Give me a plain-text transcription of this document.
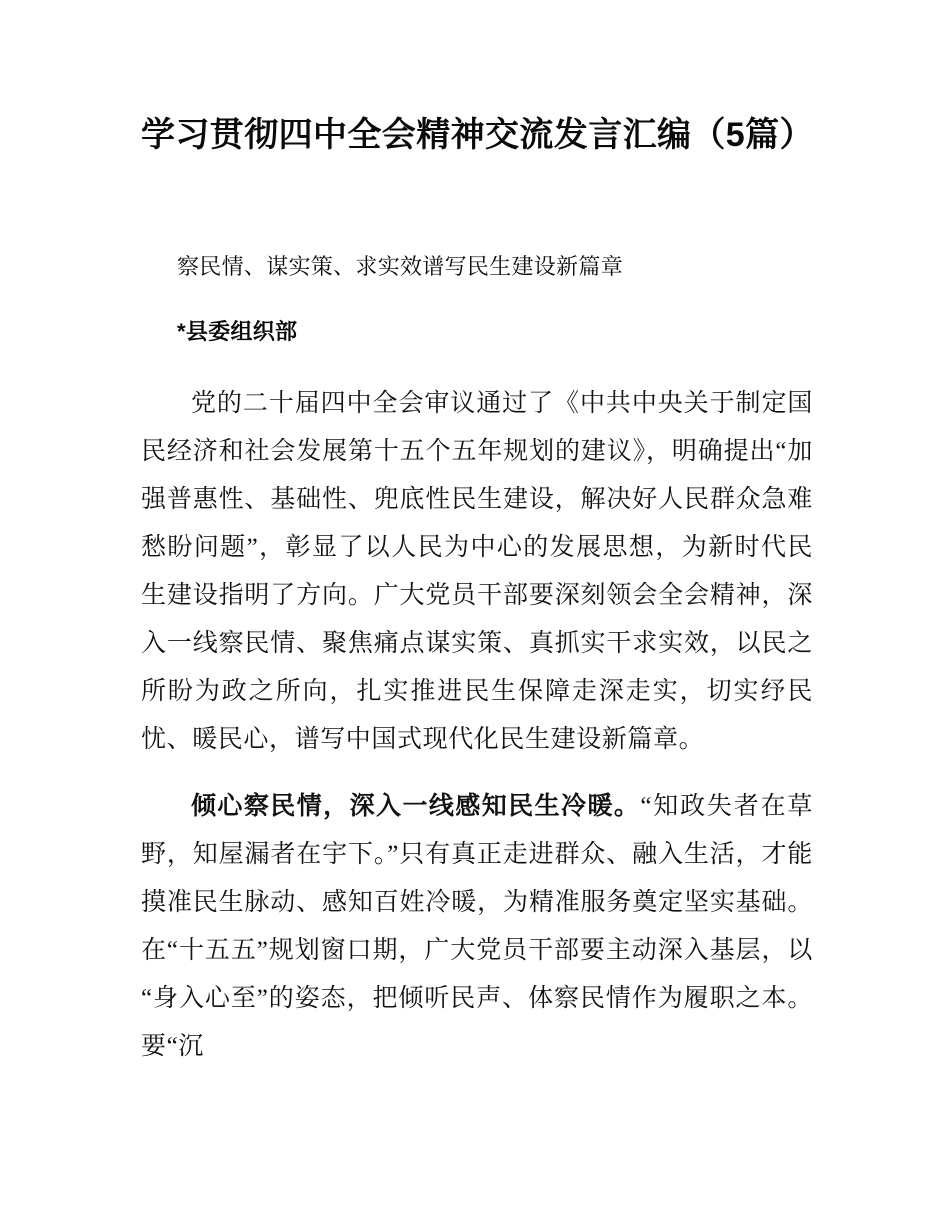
学习贯彻四中全会精神交流发言汇编（5篇）
察民情、谋实策、求实效谱写民生建设新篇章

*县委组织部

党的二十届四中全会审议通过了《中共中央关于制定国民经济和社会发展第十五个五年规划的建议》，明确提出“加强普惠性、基础性、兜底性民生建设，解决好人民群众急难愁盼问题”，彰显了以人民为中心的发展思想，为新时代民生建设指明了方向。广大党员干部要深刻领会全会精神，深入一线察民情、聚焦痛点谋实策、真抓实干求实效，以民之所盼为政之所向，扎实推进民生保障走深走实，切实纾民忧、暖民心，谱写中国式现代化民生建设新篇章。

倾心察民情，深入一线感知民生冷暖。“知政失者在草野，知屋漏者在宇下。”只有真正走进群众、融入生活，才能摸准民生脉动、感知百姓冷暖，为精准服务奠定坚实基础。在“十五五”规划窗口期，广大党员干部要主动深入基层，以“身入心至”的姿态，把倾听民声、体察民情作为履职之本。要“沉
